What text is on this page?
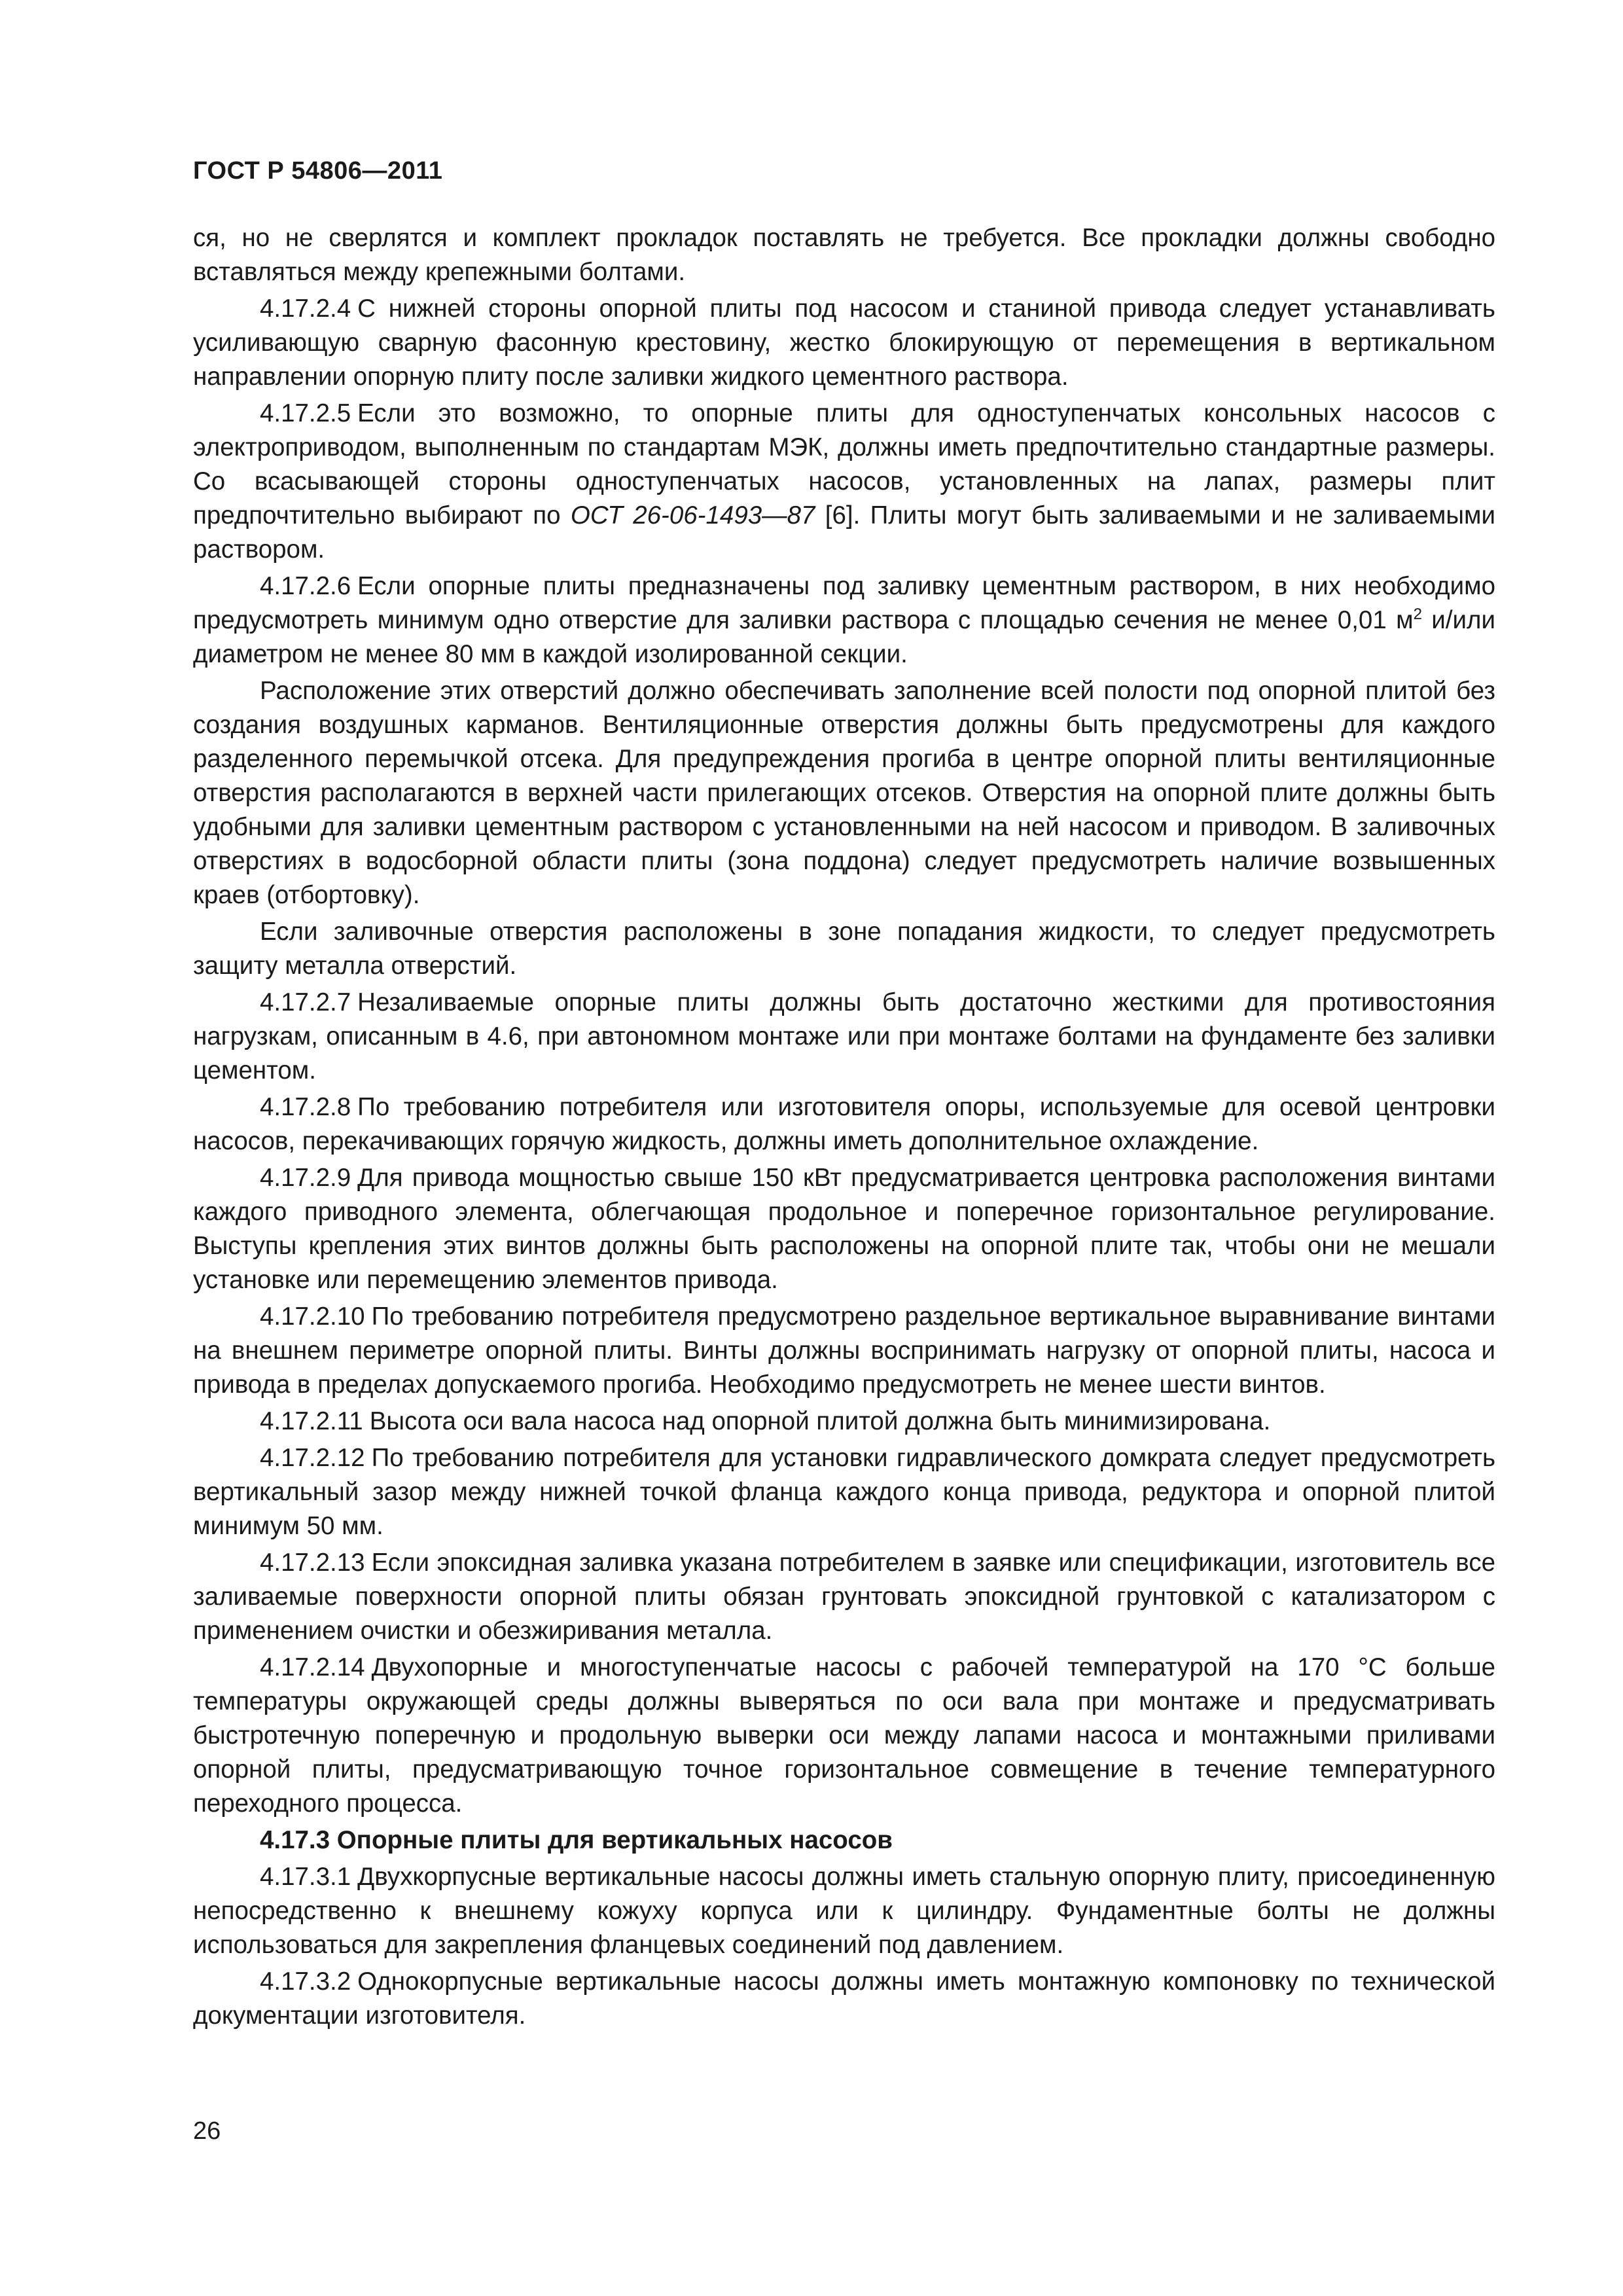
ГОСТ Р 54806—2011

ся, но не сверлятся и комплект прокладок поставлять не требуется. Все прокладки должны свободно вставляться между крепежными болтами.

4.17.2.4 С нижней стороны опорной плиты под насосом и станиной привода следует устанавливать усиливающую сварную фасонную крестовину, жестко блокирующую от перемещения в вертикальном направлении опорную плиту после заливки жидкого цементного раствора.

4.17.2.5 Если это возможно, то опорные плиты для одноступенчатых консольных насосов с электроприводом, выполненным по стандартам МЭК, должны иметь предпочтительно стандартные размеры. Со всасывающей стороны одноступенчатых насосов, установленных на лапах, размеры плит предпочтительно выбирают по ОСТ 26-06-1493—87 [6]. Плиты могут быть заливаемыми и не заливаемыми раствором.

4.17.2.6 Если опорные плиты предназначены под заливку цементным раствором, в них необходимо предусмотреть минимум одно отверстие для заливки раствора с площадью сечения не менее 0,01 $м^2$ и/или диаметром не менее 80 мм в каждой изолированной секции.

Расположение этих отверстий должно обеспечивать заполнение всей полости под опорной плитой без создания воздушных карманов. Вентиляционные отверстия должны быть предусмотрены для каждого разделенного перемычкой отсека. Для предупреждения прогиба в центре опорной плиты вентиляционные отверстия располагаются в верхней части прилегающих отсеков. Отверстия на опорной плите должны быть удобными для заливки цементным раствором с установленными на ней насосом и приводом. В заливочных отверстиях в водосборной области плиты (зона поддона) следует предусмотреть наличие возвышенных краев (отбортовку).

Если заливочные отверстия расположены в зоне попадания жидкости, то следует предусмотреть защиту металла отверстий.

4.17.2.7 Незаливаемые опорные плиты должны быть достаточно жесткими для противостояния нагрузкам, описанным в 4.6, при автономном монтаже или при монтаже болтами на фундаменте без заливки цементом.

4.17.2.8 По требованию потребителя или изготовителя опоры, используемые для осевой центровки насосов, перекачивающих горячую жидкость, должны иметь дополнительное охлаждение.

4.17.2.9 Для привода мощностью свыше 150 кВт предусматривается центровка расположения винтами каждого приводного элемента, облегчающая продольное и поперечное горизонтальное регулирование. Выступы крепления этих винтов должны быть расположены на опорной плите так, чтобы они не мешали установке или перемещению элементов привода.

4.17.2.10 По требованию потребителя предусмотрено раздельное вертикальное выравнивание винтами на внешнем периметре опорной плиты. Винты должны воспринимать нагрузку от опорной плиты, насоса и привода в пределах допускаемого прогиба. Необходимо предусмотреть не менее шести винтов.

4.17.2.11 Высота оси вала насоса над опорной плитой должна быть минимизирована.

4.17.2.12 По требованию потребителя для установки гидравлического домкрата следует предусмотреть вертикальный зазор между нижней точкой фланца каждого конца привода, редуктора и опорной плитой минимум 50 мм.

4.17.2.13 Если эпоксидная заливка указана потребителем в заявке или спецификации, изготовитель все заливаемые поверхности опорной плиты обязан грунтовать эпоксидной грунтовкой с катализатором с применением очистки и обезжиривания металла.

4.17.2.14 Двухопорные и многоступенчатые насосы с рабочей температурой на 170 °С больше температуры окружающей среды должны выверяться по оси вала при монтаже и предусматривать быстротечную поперечную и продольную выверки оси между лапами насоса и монтажными приливами опорной плиты, предусматривающую точное горизонтальное совмещение в течение температурного переходного процесса.

4.17.3 Опорные плиты для вертикальных насосов

4.17.3.1 Двухкорпусные вертикальные насосы должны иметь стальную опорную плиту, присоединенную непосредственно к внешнему кожуху корпуса или к цилиндру. Фундаментные болты не должны использоваться для закрепления фланцевых соединений под давлением.

4.17.3.2 Однокорпусные вертикальные насосы должны иметь монтажную компоновку по технической документации изготовителя.

26
